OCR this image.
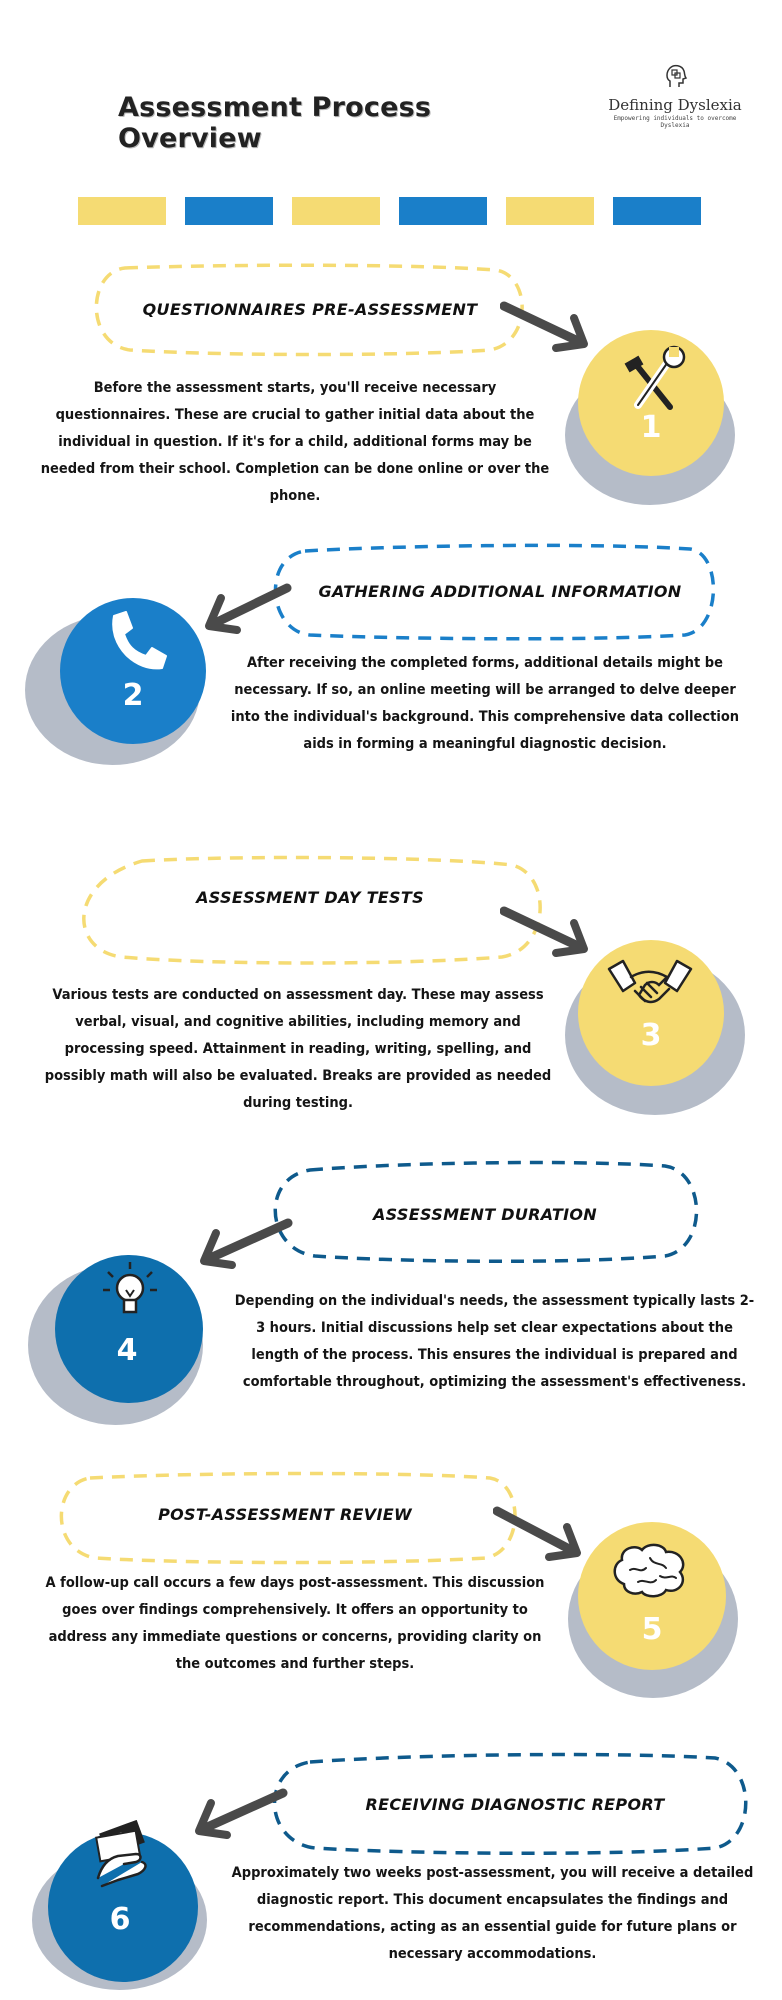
Assessment Process Overview
Defining Dyslexia
Empowering individuals to overcome Dyslexia
QUESTIONNAIRES PRE-ASSESSMENT
1
Before the assessment starts, you'll receive necessary questionnaires. These are crucial to gather initial data about the individual in question. If it's for a child, additional forms may be needed from their school. Completion can be done online or over the phone.
GATHERING ADDITIONAL INFORMATION
2
After receiving the completed forms, additional details might be necessary. If so, an online meeting will be arranged to delve deeper into the individual's background. This comprehensive data collection aids in forming a meaningful diagnostic decision.
ASSESSMENT DAY TESTS
3
Various tests are conducted on assessment day. These may assess verbal, visual, and cognitive abilities, including memory and processing speed. Attainment in reading, writing, spelling, and possibly math will also be evaluated. Breaks are provided as needed during testing.
ASSESSMENT DURATION
4
Depending on the individual's needs, the assessment typically lasts 2-3 hours. Initial discussions help set clear expectations about the length of the process. This ensures the individual is prepared and comfortable throughout, optimizing the assessment's effectiveness.
POST-ASSESSMENT REVIEW
5
A follow-up call occurs a few days post-assessment. This discussion goes over findings comprehensively. It offers an opportunity to address any immediate questions or concerns, providing clarity on the outcomes and further steps.
RECEIVING DIAGNOSTIC REPORT
6
Approximately two weeks post-assessment, you will receive a detailed diagnostic report. This document encapsulates the findings and recommendations, acting as an essential guide for future plans or necessary accommodations.
